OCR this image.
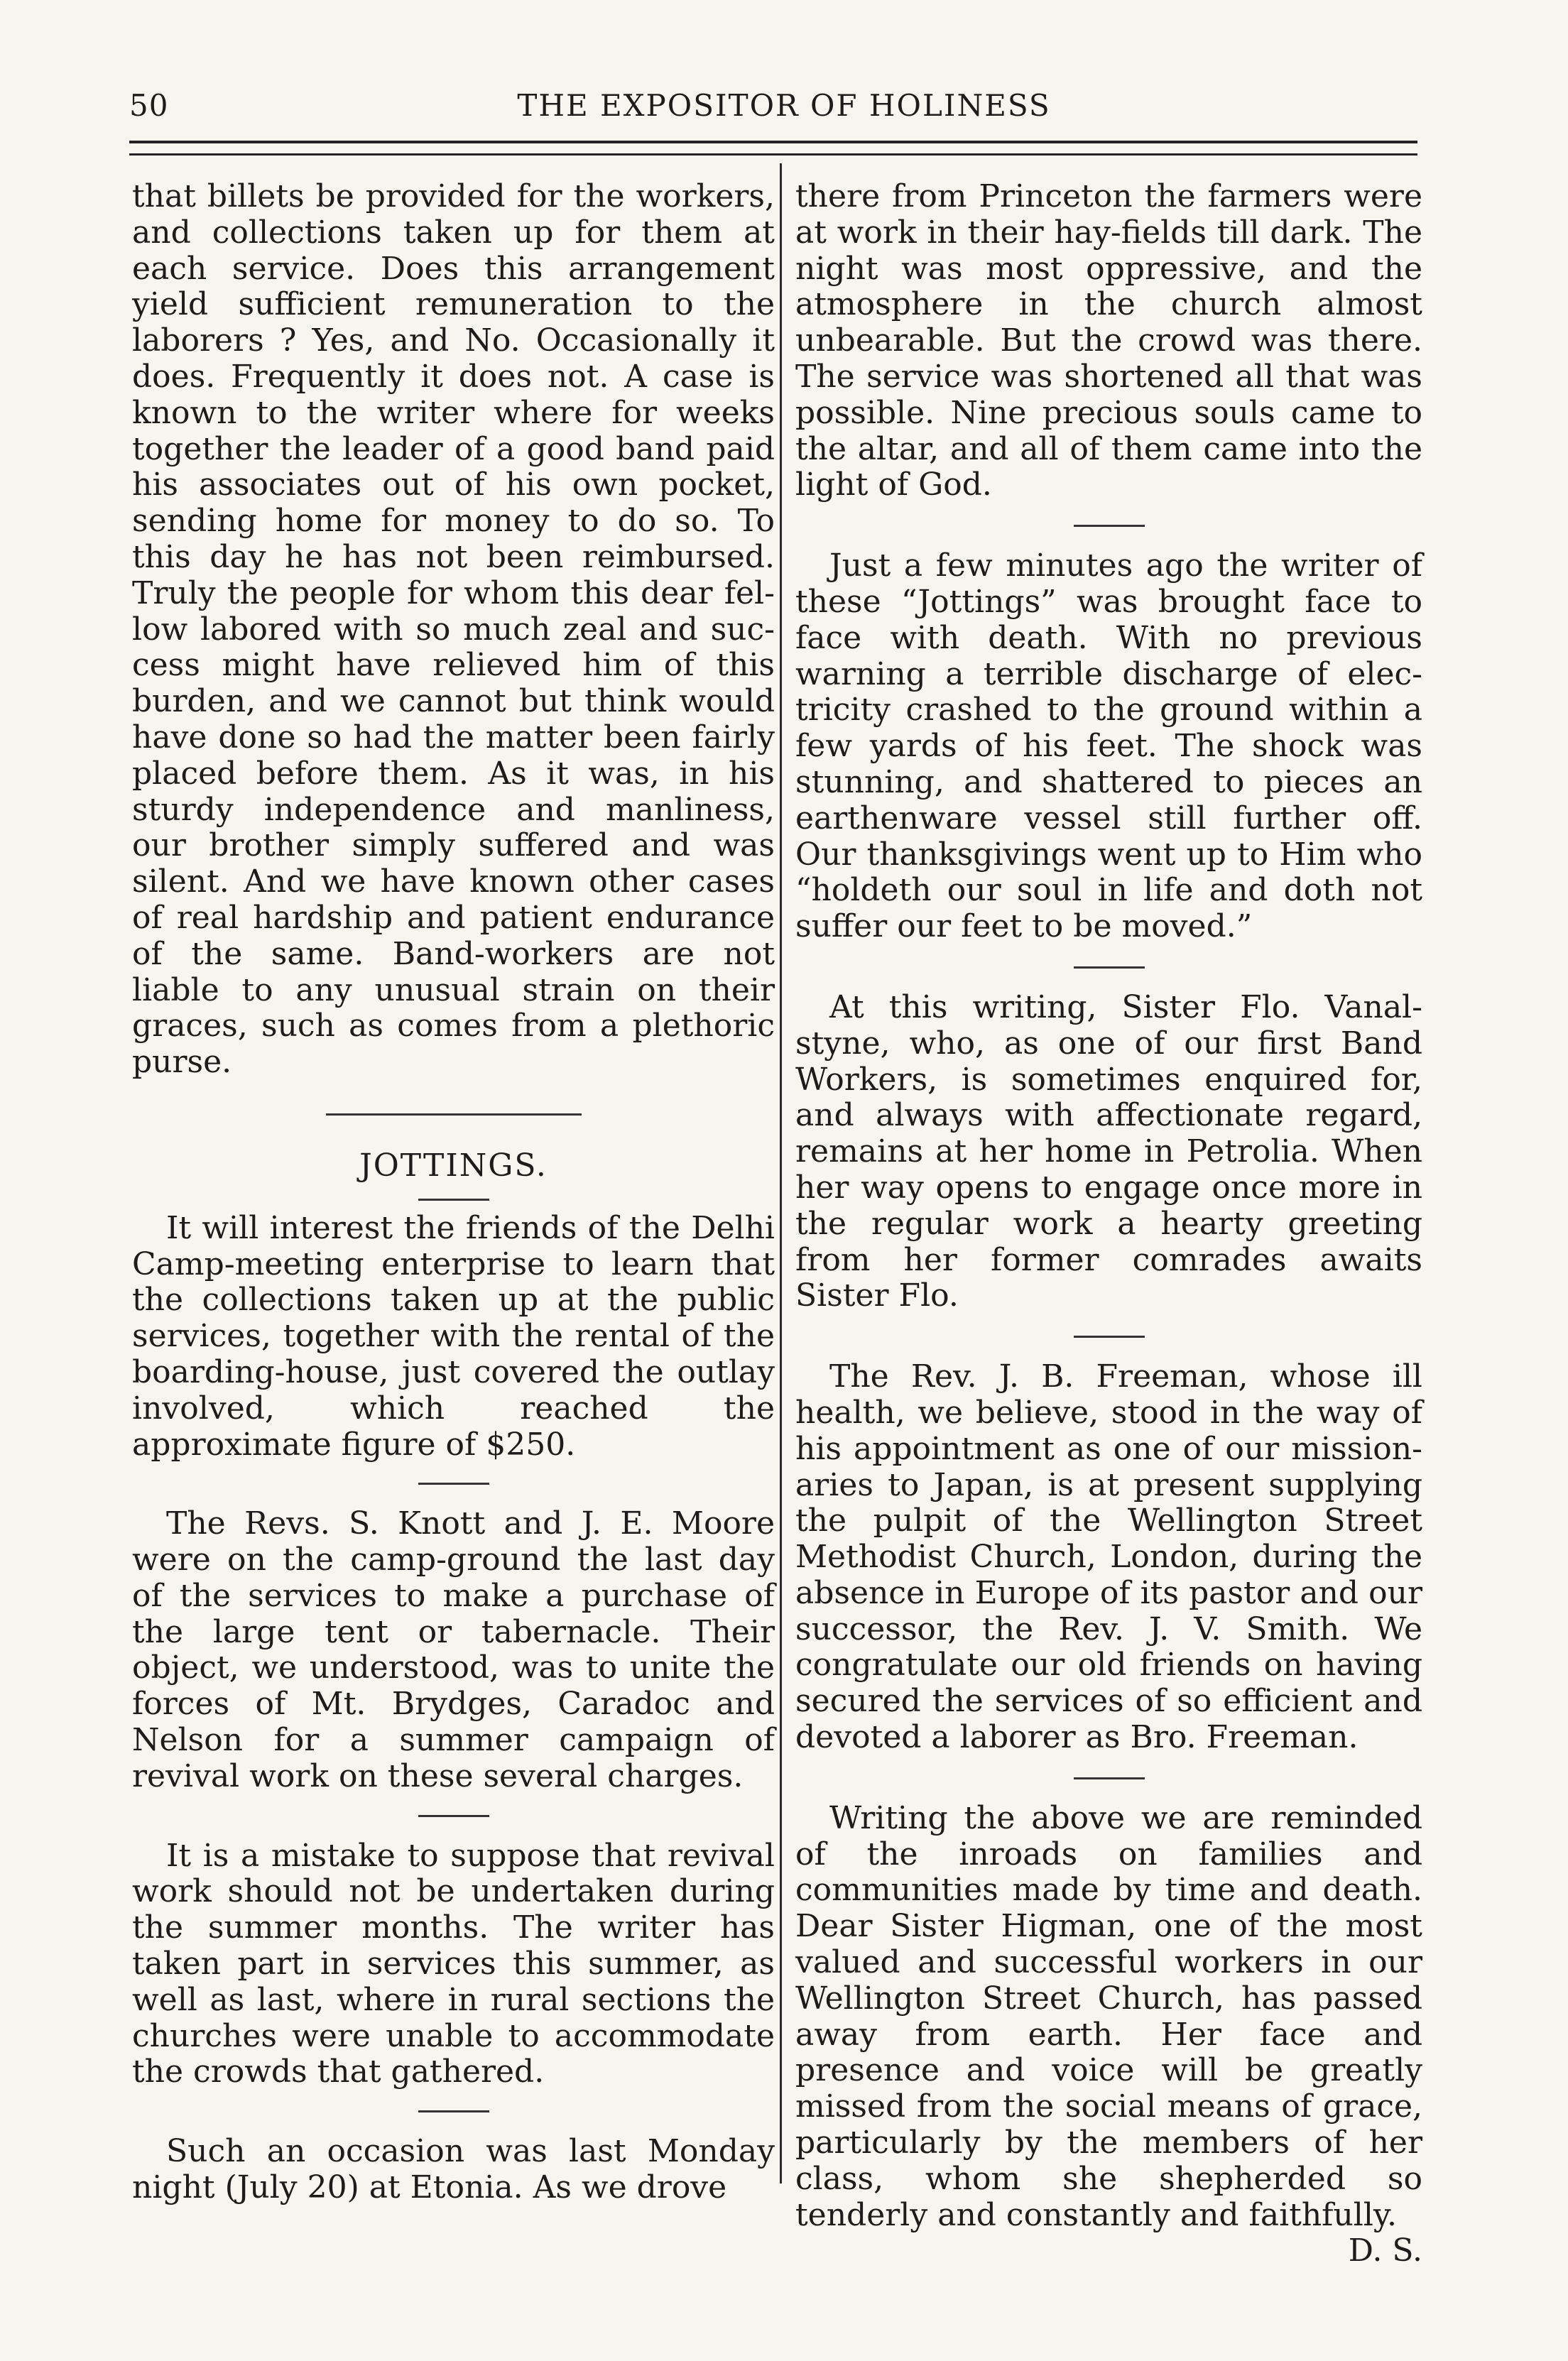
50	THE EXPOSITOR OF HOLINESS

that billets be provided for the workers, and collections taken up for them at each service. Does this arrangement yield sufficient remuneration to the laborers ? Yes, and No. Occasionally it does. Frequently it does not. A case is known to the writer where for weeks together the leader of a good band paid his associates out of his own pocket, sending home for money to do so. To this day he has not been reimbursed. Truly the people for whom this dear fellow labored with so much zeal and success might have relieved him of this burden, and we cannot but think would have done so had the matter been fairly placed before them. As it was, in his sturdy independence and manliness, our brother simply suffered and was silent. And we have known other cases of real hardship and patient endurance of the same. Band-workers are not liable to any unusual strain on their graces, such as comes from a plethoric purse.

JOTTINGS.

It will interest the friends of the Delhi Camp-meeting enterprise to learn that the collections taken up at the public services, together with the rental of the boarding-house, just covered the outlay involved, which reached the approximate figure of $250.

The Revs. S. Knott and J. E. Moore were on the camp-ground the last day of the services to make a purchase of the large tent or tabernacle. Their object, we understood, was to unite the forces of Mt. Brydges, Caradoc and Nelson for a summer campaign of revival work on these several charges.

It is a mistake to suppose that revival work should not be undertaken during the summer months. The writer has taken part in services this summer, as well as last, where in rural sections the churches were unable to accommodate the crowds that gathered.

Such an occasion was last Monday night (July 20) at Etonia. As we drove

there from Princeton the farmers were at work in their hay-fields till dark. The night was most oppressive, and the atmosphere in the church almost unbearable. But the crowd was there. The service was shortened all that was possible. Nine precious souls came to the altar, and all of them came into the light of God.

Just a few minutes ago the writer of these “Jottings” was brought face to face with death. With no previous warning a terrible discharge of electricity crashed to the ground within a few yards of his feet. The shock was stunning, and shattered to pieces an earthenware vessel still further off. Our thanksgivings went up to Him who “holdeth our soul in life and doth not suffer our feet to be moved.”

At this writing, Sister Flo. Vanalstyne, who, as one of our first Band Workers, is sometimes enquired for, and always with affectionate regard, remains at her home in Petrolia. When her way opens to engage once more in the regular work a hearty greeting from her former comrades awaits Sister Flo.

The Rev. J. B. Freeman, whose ill health, we believe, stood in the way of his appointment as one of our missionaries to Japan, is at present supplying the pulpit of the Wellington Street Methodist Church, London, during the absence in Europe of its pastor and our successor, the Rev. J. V. Smith. We congratulate our old friends on having secured the services of so efficient and devoted a laborer as Bro. Freeman.

Writing the above we are reminded of the inroads on families and communities made by time and death. Dear Sister Higman, one of the most valued and successful workers in our Wellington Street Church, has passed away from earth. Her face and presence and voice will be greatly missed from the social means of grace, particularly by the members of her class, whom she shepherded so tenderly and constantly and faithfully.
D. S.
